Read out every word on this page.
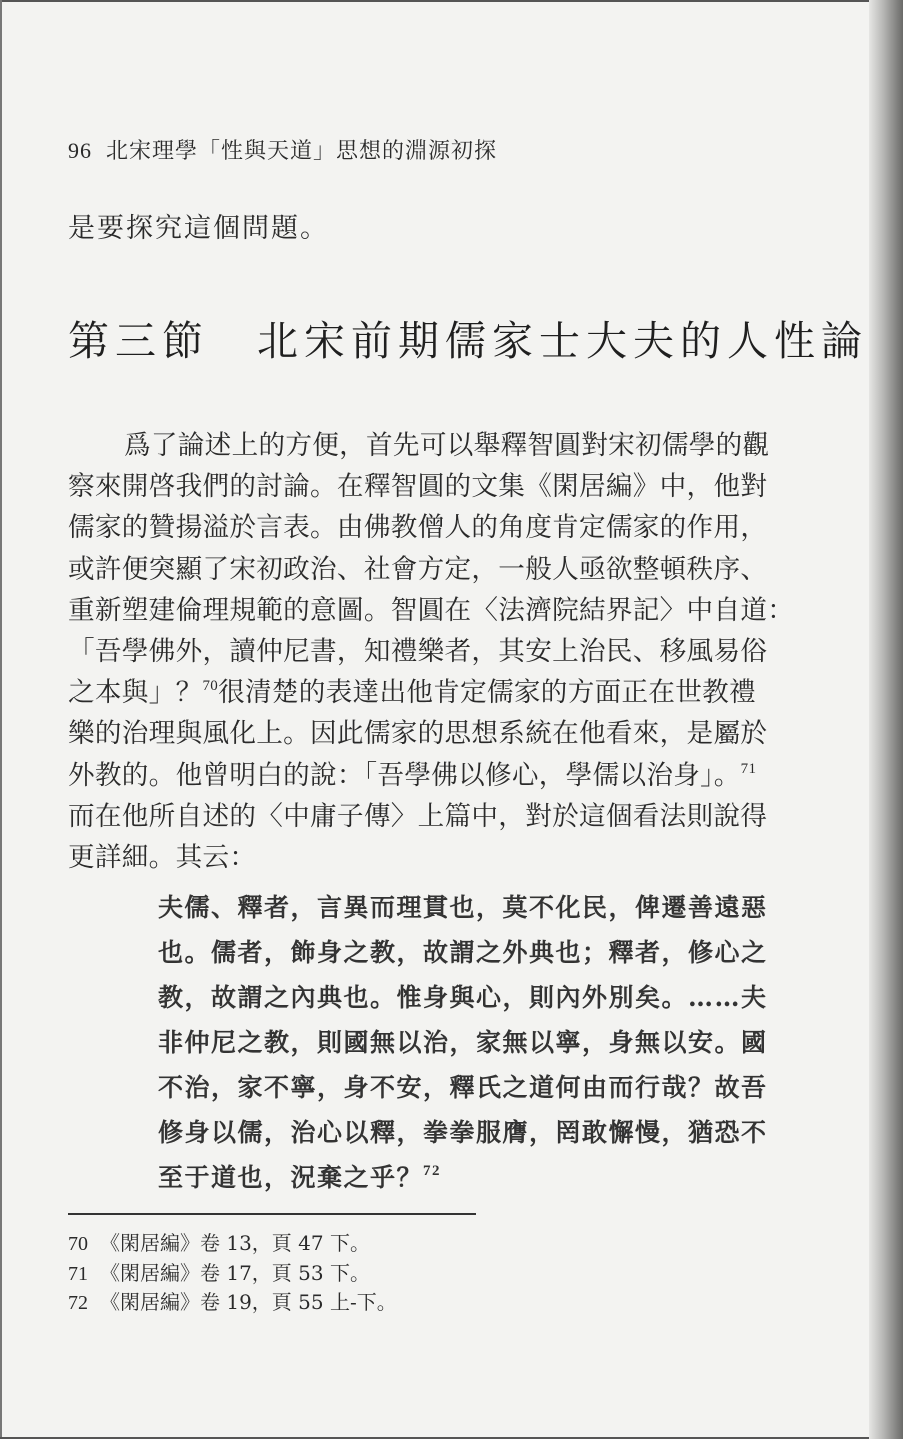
96 北宋理學「性與天道」思想的淵源初探
是要探究這個問題。
第三節 北宋前期儒家士大夫的人性論
爲了論述上的方便，首先可以舉釋智圓對宋初儒學的觀
察來開啓我們的討論。在釋智圓的文集《閑居編》中，他對
儒家的贊揚溢於言表。由佛教僧人的角度肯定儒家的作用，
或許便突顯了宋初政治、社會方定，一般人亟欲整頓秩序、
重新塑建倫理規範的意圖。智圓在〈法濟院結界記〉中自道：
「吾學佛外，讀仲尼書，知禮樂者，其安上治民、移風易俗
之本與」？$^{70}$很清楚的表達出他肯定儒家的方面正在世教禮
樂的治理與風化上。因此儒家的思想系統在他看來，是屬於
外教的。他曾明白的說：「吾學佛以修心，學儒以治身」。$^{71}$
而在他所自述的〈中庸子傳〉上篇中，對於這個看法則說得
更詳細。其云：
夫儒、釋者，言異而理貫也，莫不化民，俾遷善遠惡
也。儒者，飾身之教，故謂之外典也；釋者，修心之
教，故謂之內典也。惟身與心，則內外別矣。……夫
非仲尼之教，則國無以治，家無以寧，身無以安。國
不治，家不寧，身不安，釋氏之道何由而行哉？故吾
修身以儒，治心以釋，拳拳服膺，罔敢懈慢，猶恐不
至于道也，況棄之乎？$^{72}$
70 《閑居編》卷 13，頁 47 下。
71 《閑居編》卷 17，頁 53 下。
72 《閑居編》卷 19，頁 55 上-下。
